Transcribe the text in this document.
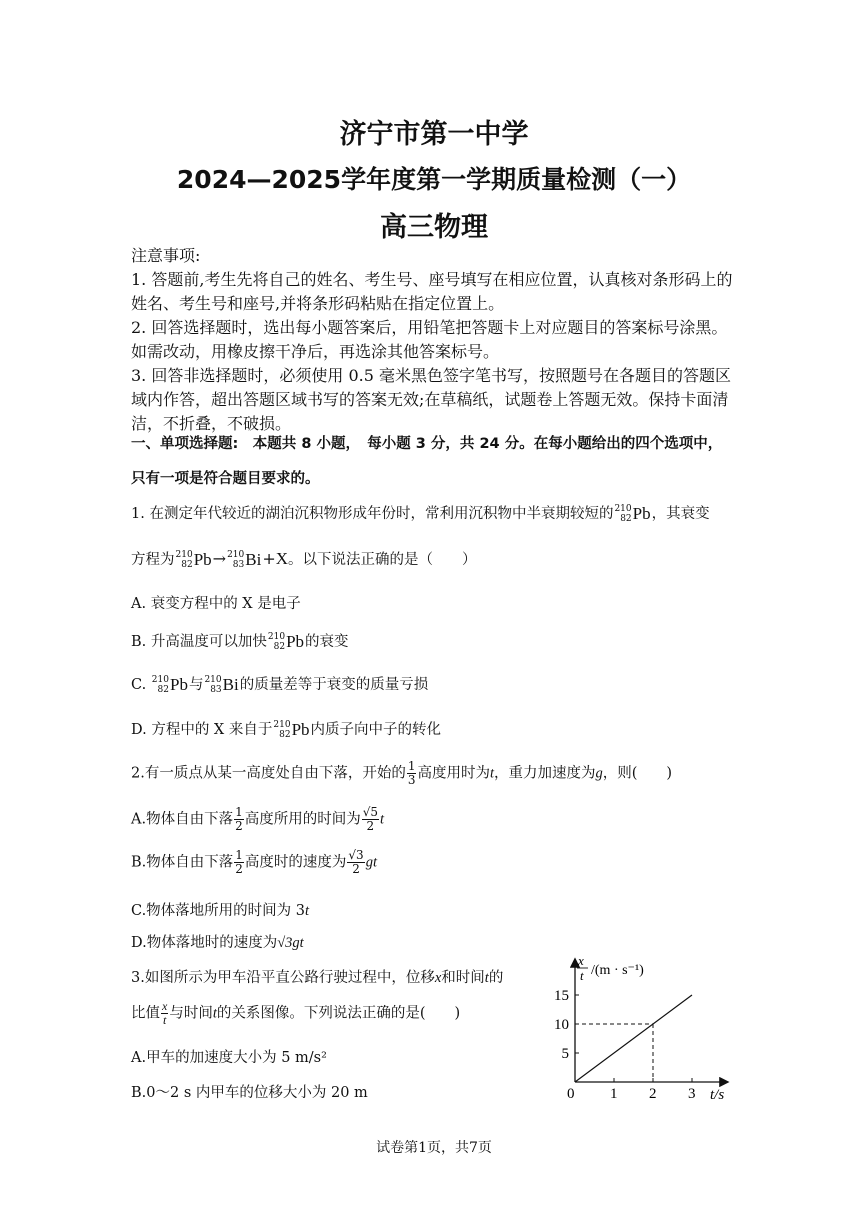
济宁市第一中学
2024—2025学年度第一学期质量检测（一）
高三物理
注意事项:
1. 答题前,考生先将自己的姓名、考生号、座号填写在相应位置，认真核对条形码上的姓名、考生号和座号,并将条形码粘贴在指定位置上。
2. 回答选择题时，选出每小题答案后，用铅笔把答题卡上对应题目的答案标号涂黑。如需改动，用橡皮擦干净后，再选涂其他答案标号。
3. 回答非选择题时，必须使用 0.5 毫米黑色签字笔书写，按照题号在各题目的答题区域内作答，超出答题区域书写的答案无效;在草稿纸，试题卷上答题无效。保持卡面清洁，不折叠，不破损。
一、单项选择题:　本题共 8 小题，　每小题 3 分，共 24 分。在每小题给出的四个选项中，
只有一项是符合题目要求的。
1. 在测定年代较近的湖泊沉积物形成年份时，常利用沉积物中半衰期较短的 210
82 Pb，其衰变
方程为 210
82 Pb→ 210
83 Bi+X。以下说法正确的是（　　）
A. 衰变方程中的 X 是电子
B. 升高温度可以加快 210
82 Pb的衰变
C. 210
82 Pb与 210
83 Bi的质量差等于衰变的质量亏损
D. 方程中的 X 来自于 210
82 Pb内质子向中子的转化
2.有一质点从某一高度处自由下落，开始的 $\frac{1}{3}$ 高度用时为t，重力加速度为g，则(　　)
A.物体自由下落 $\frac{1}{2}$ 高度所用的时间为 $\frac{√5}{2}$ t
B.物体自由下落 $\frac{1}{2}$ 高度时的速度为 $\frac{√3}{2}$ gt
C.物体落地所用的时间为 3t
D.物体落地时的速度为√3gt
3.如图所示为甲车沿平直公路行驶过程中，位移x和时间t的
比值 $\frac{x}{t}$ 与时间t的关系图像。下列说法正确的是(　　)
A.甲车的加速度大小为 5 m/s²
B.0～2 s 内甲车的位移大小为 20 m	0 1 2 3
5
10
15
x
t /(m · s⁻¹)
t/s
试卷第1页，共7页
